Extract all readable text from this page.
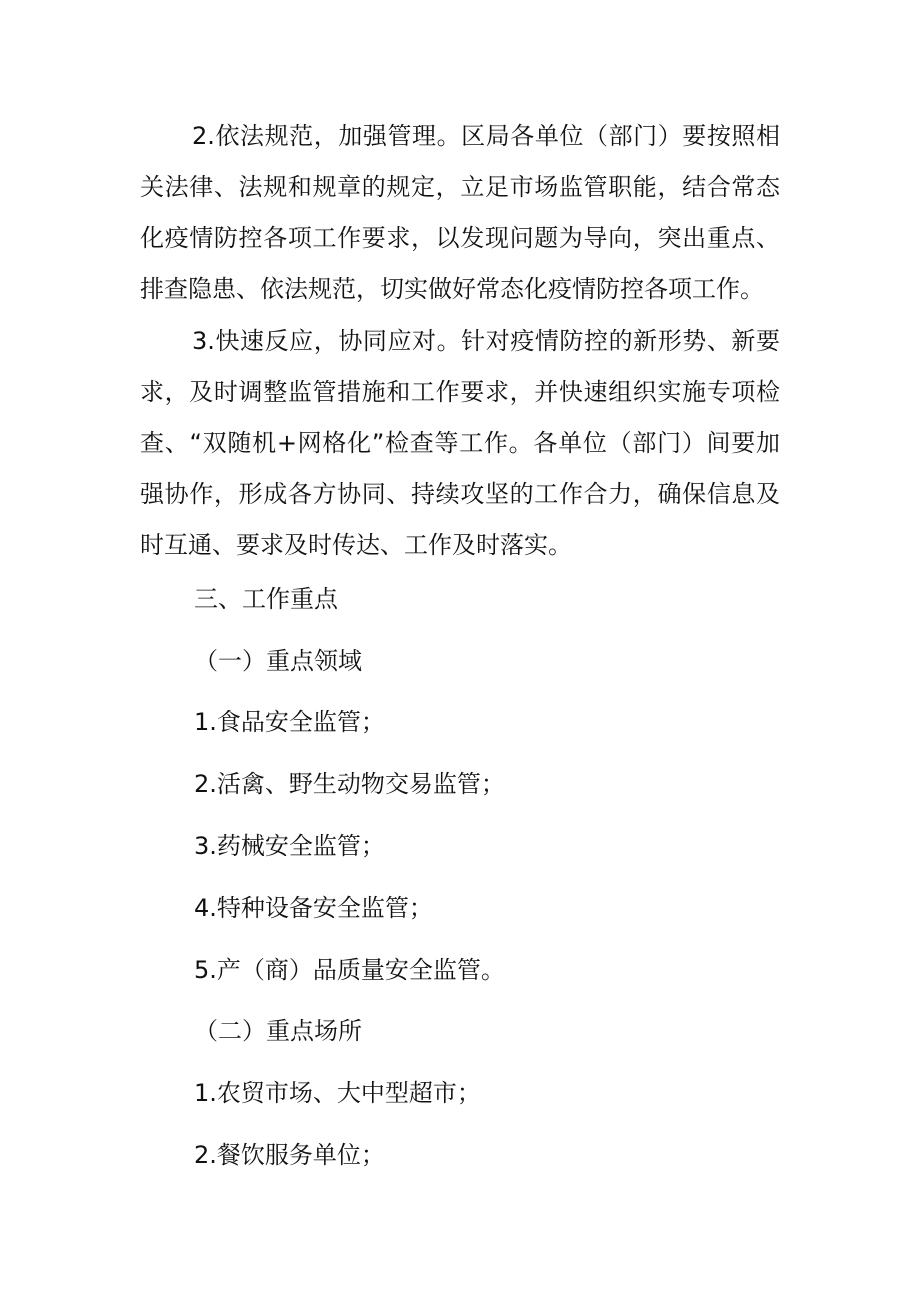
2.依法规范，加强管理。区局各单位（部门）要按照相关法律、法规和规章的规定，立足市场监管职能，结合常态化疫情防控各项工作要求，以发现问题为导向，突出重点、排查隐患、依法规范，切实做好常态化疫情防控各项工作。

3.快速反应，协同应对。针对疫情防控的新形势、新要求，及时调整监管措施和工作要求，并快速组织实施专项检查、“双随机+网格化”检查等工作。各单位（部门）间要加强协作，形成各方协同、持续攻坚的工作合力，确保信息及时互通、要求及时传达、工作及时落实。

三、工作重点
（一）重点领域
1.食品安全监管；
2.活禽、野生动物交易监管；
3.药械安全监管；
4.特种设备安全监管；
5.产（商）品质量安全监管。
（二）重点场所
1.农贸市场、大中型超市；
2.餐饮服务单位；
